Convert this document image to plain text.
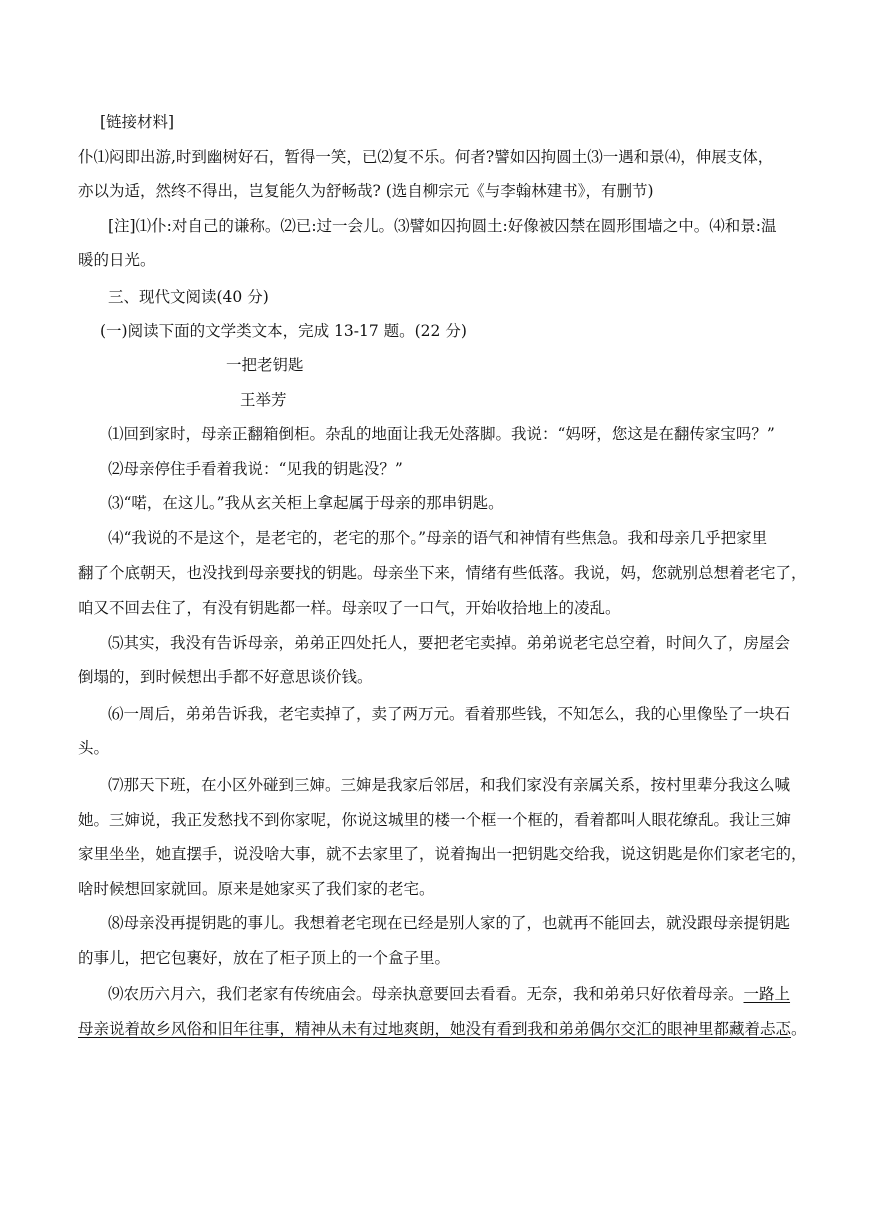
[链接材料]
仆⑴闷即出游,时到幽树好石，暂得一笑，已⑵复不乐。何者?譬如囚拘圆土⑶一遇和景⑷，伸展支体，
亦以为适，然终不得出，岂复能久为舒畅哉? (选自柳宗元《与李翰林建书》，有删节)
[注]⑴仆:对自己的谦称。⑵已:过一会儿。⑶譬如囚拘圆土:好像被囚禁在圆形围墙之中。⑷和景:温
暖的日光。
三、现代文阅读(40 分)
(一)阅读下面的文学类文本，完成 13-17 题。(22 分)
一把老钥匙
王举芳
⑴回到家时，母亲正翻箱倒柜。杂乱的地面让我无处落脚。我说：“妈呀，您这是在翻传家宝吗？”
⑵母亲停住手看着我说：“见我的钥匙没？”
⑶“喏，在这儿。”我从玄关柜上拿起属于母亲的那串钥匙。
⑷“我说的不是这个，是老宅的，老宅的那个。”母亲的语气和神情有些焦急。我和母亲几乎把家里
翻了个底朝天，也没找到母亲要找的钥匙。母亲坐下来，情绪有些低落。我说，妈，您就别总想着老宅了，
咱又不回去住了，有没有钥匙都一样。母亲叹了一口气，开始收拾地上的凌乱。
⑸其实，我没有告诉母亲，弟弟正四处托人，要把老宅卖掉。弟弟说老宅总空着，时间久了，房屋会
倒塌的，到时候想出手都不好意思谈价钱。
⑹一周后，弟弟告诉我，老宅卖掉了，卖了两万元。看着那些钱，不知怎么，我的心里像坠了一块石
头。
⑺那天下班，在小区外碰到三婶。三婶是我家后邻居，和我们家没有亲属关系，按村里辈分我这么喊
她。三婶说，我正发愁找不到你家呢，你说这城里的楼一个框一个框的，看着都叫人眼花缭乱。我让三婶
家里坐坐，她直摆手，说没啥大事，就不去家里了，说着掏出一把钥匙交给我，说这钥匙是你们家老宅的，
啥时候想回家就回。原来是她家买了我们家的老宅。
⑻母亲没再提钥匙的事儿。我想着老宅现在已经是别人家的了，也就再不能回去，就没跟母亲提钥匙
的事儿，把它包裹好，放在了柜子顶上的一个盒子里。
⑼农历六月六，我们老家有传统庙会。母亲执意要回去看看。无奈，我和弟弟只好依着母亲。一路上
母亲说着故乡风俗和旧年往事，精神从未有过地爽朗，她没有看到我和弟弟偶尔交汇的眼神里都藏着忐忑。
